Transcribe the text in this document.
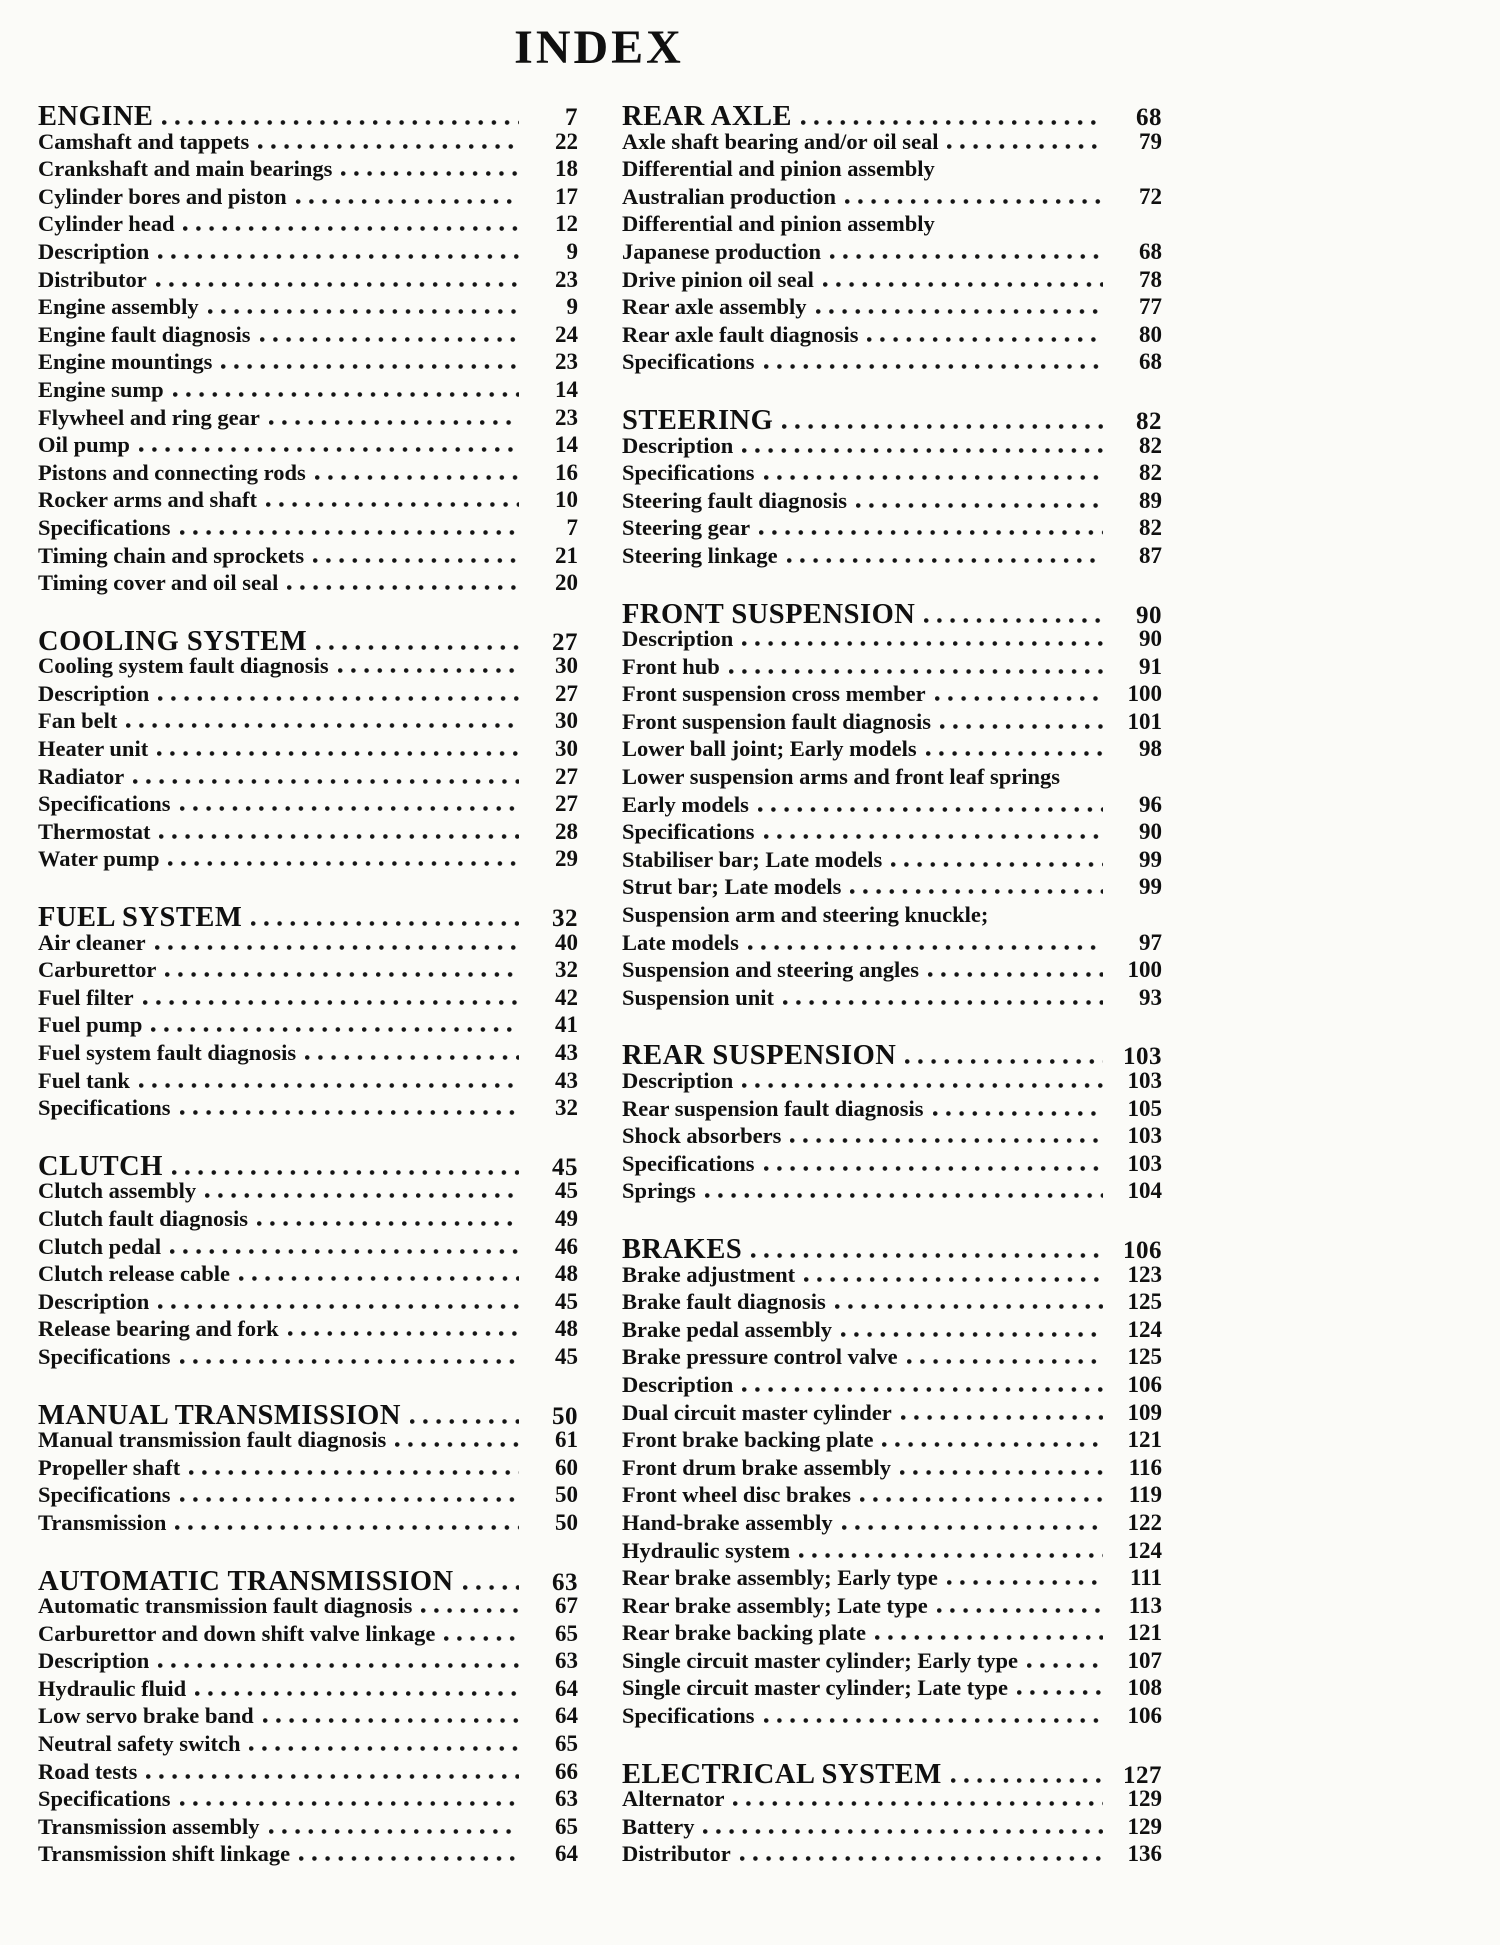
INDEX
ENGINE	7
Camshaft and tappets	22
Crankshaft and main bearings	18
Cylinder bores and piston	17
Cylinder head	12
Description	9
Distributor	23
Engine assembly	9
Engine fault diagnosis	24
Engine mountings	23
Engine sump	14
Flywheel and ring gear	23
Oil pump	14
Pistons and connecting rods	16
Rocker arms and shaft	10
Specifications	7
Timing chain and sprockets	21
Timing cover and oil seal	20
COOLING SYSTEM	27
Cooling system fault diagnosis	30
Description	27
Fan belt	30
Heater unit	30
Radiator	27
Specifications	27
Thermostat	28
Water pump	29
FUEL SYSTEM	32
Air cleaner	40
Carburettor	32
Fuel filter	42
Fuel pump	41
Fuel system fault diagnosis	43
Fuel tank	43
Specifications	32
CLUTCH	45
Clutch assembly	45
Clutch fault diagnosis	49
Clutch pedal	46
Clutch release cable	48
Description	45
Release bearing and fork	48
Specifications	45
MANUAL TRANSMISSION	50
Manual transmission fault diagnosis	61
Propeller shaft	60
Specifications	50
Transmission	50
AUTOMATIC TRANSMISSION	63
Automatic transmission fault diagnosis	67
Carburettor and down shift valve linkage	65
Description	63
Hydraulic fluid	64
Low servo brake band	64
Neutral safety switch	65
Road tests	66
Specifications	63
Transmission assembly	65
Transmission shift linkage	64
REAR AXLE	68
Axle shaft bearing and/or oil seal	79
Differential and pinion assembly
Australian production	72
Differential and pinion assembly
Japanese production	68
Drive pinion oil seal	78
Rear axle assembly	77
Rear axle fault diagnosis	80
Specifications	68
STEERING	82
Description	82
Specifications	82
Steering fault diagnosis	89
Steering gear	82
Steering linkage	87
FRONT SUSPENSION	90
Description	90
Front hub	91
Front suspension cross member	100
Front suspension fault diagnosis	101
Lower ball joint; Early models	98
Lower suspension arms and front leaf springs
Early models	96
Specifications	90
Stabiliser bar; Late models	99
Strut bar; Late models	99
Suspension arm and steering knuckle;
Late models	97
Suspension and steering angles	100
Suspension unit	93
REAR SUSPENSION	103
Description	103
Rear suspension fault diagnosis	105
Shock absorbers	103
Specifications	103
Springs	104
BRAKES	106
Brake adjustment	123
Brake fault diagnosis	125
Brake pedal assembly	124
Brake pressure control valve	125
Description	106
Dual circuit master cylinder	109
Front brake backing plate	121
Front drum brake assembly	116
Front wheel disc brakes	119
Hand-brake assembly	122
Hydraulic system	124
Rear brake assembly; Early type	111
Rear brake assembly; Late type	113
Rear brake backing plate	121
Single circuit master cylinder; Early type	107
Single circuit master cylinder; Late type	108
Specifications	106
ELECTRICAL SYSTEM	127
Alternator	129
Battery	129
Distributor	136
